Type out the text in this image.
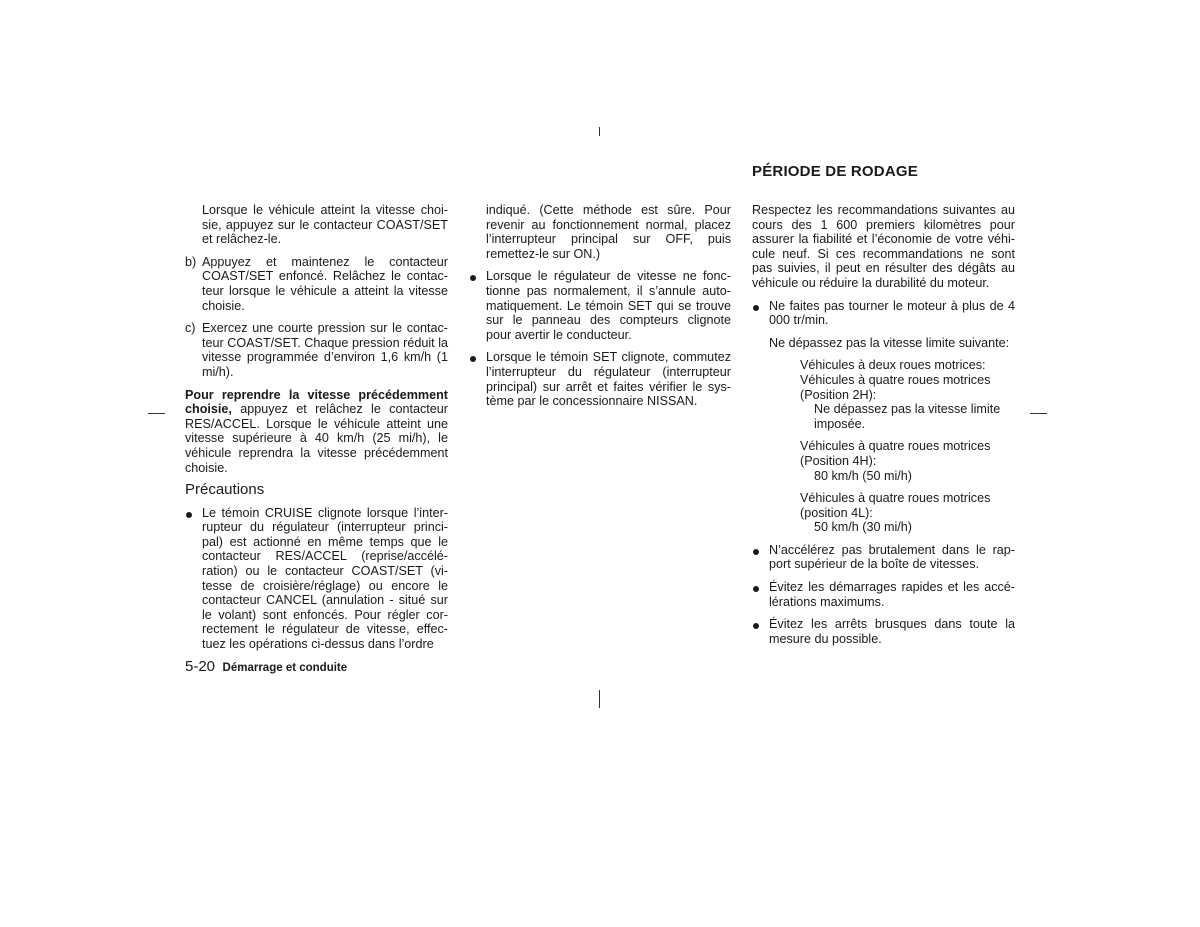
Lorsque le véhicule atteint la vitesse choi-sie, appuyez sur le contacteur COAST/SET et relâchez-le.

b) Appuyez et maintenez le contacteur COAST/SET enfoncé. Relâchez le contac-teur lorsque le véhicule a atteint la vitesse choisie.
c) Exercez une courte pression sur le contac-teur COAST/SET. Chaque pression réduit la vitesse programmée d’environ 1,6 km/h (1 mi/h).

Pour reprendre la vitesse précédemment choisie, appuyez et relâchez le contacteur RES/ACCEL. Lorsque le véhicule atteint une vitesse supérieure à 40 km/h (25 mi/h), le véhicule reprendra la vitesse précédemment choisie.

Précautions
Le témoin CRUISE clignote lorsque l’inter-rupteur du régulateur (interrupteur princi-pal) est actionné en même temps que le contacteur RES/ACCEL (reprise/accélé-ration) ou le contacteur COAST/SET (vi-tesse de croisière/réglage) ou encore le contacteur CANCEL (annulation - situé sur le volant) sont enfoncés. Pour régler cor-rectement le régulateur de vitesse, effec-tuez les opérations ci-dessus dans l’ordre

indiqué. (Cette méthode est sûre. Pour revenir au fonctionnement normal, placez l’interrupteur principal sur OFF, puis remettez-le sur ON.)

Lorsque le régulateur de vitesse ne fonc-tionne pas normalement, il s’annule auto-matiquement. Le témoin SET qui se trouve sur le panneau des compteurs clignote pour avertir le conducteur.
Lorsque le témoin SET clignote, commutez l’interrupteur du régulateur (interrupteur principal) sur arrêt et faites vérifier le sys-tème par le concessionnaire NISSAN.
PÉRIODE DE RODAGE

Respectez les recommandations suivantes au cours des 1 600 premiers kilomètres pour assurer la fiabilité et l’économie de votre véhi-cule neuf. Si ces recommandations ne sont pas suivies, il peut en résulter des dégâts au véhicule ou réduire la durabilité du moteur.

Ne faites pas tourner le moteur à plus de 4 000 tr/min.

Ne dépassez pas la vitesse limite suivante:

Véhicules à deux roues motrices:

Véhicules à quatre roues motrices

(Position 2H):

Ne dépassez pas la vitesse limite

imposée.

Véhicules à quatre roues motrices

(Position 4H):

80 km/h (50 mi/h)

Véhicules à quatre roues motrices

(position 4L):

50 km/h (30 mi/h)

N’accélérez pas brutalement dans le rap-port supérieur de la boîte de vitesses.
Évitez les démarrages rapides et les accé-lérations maximums.
Évitez les arrêts brusques dans toute la mesure du possible.
5-20 Démarrage et conduite
